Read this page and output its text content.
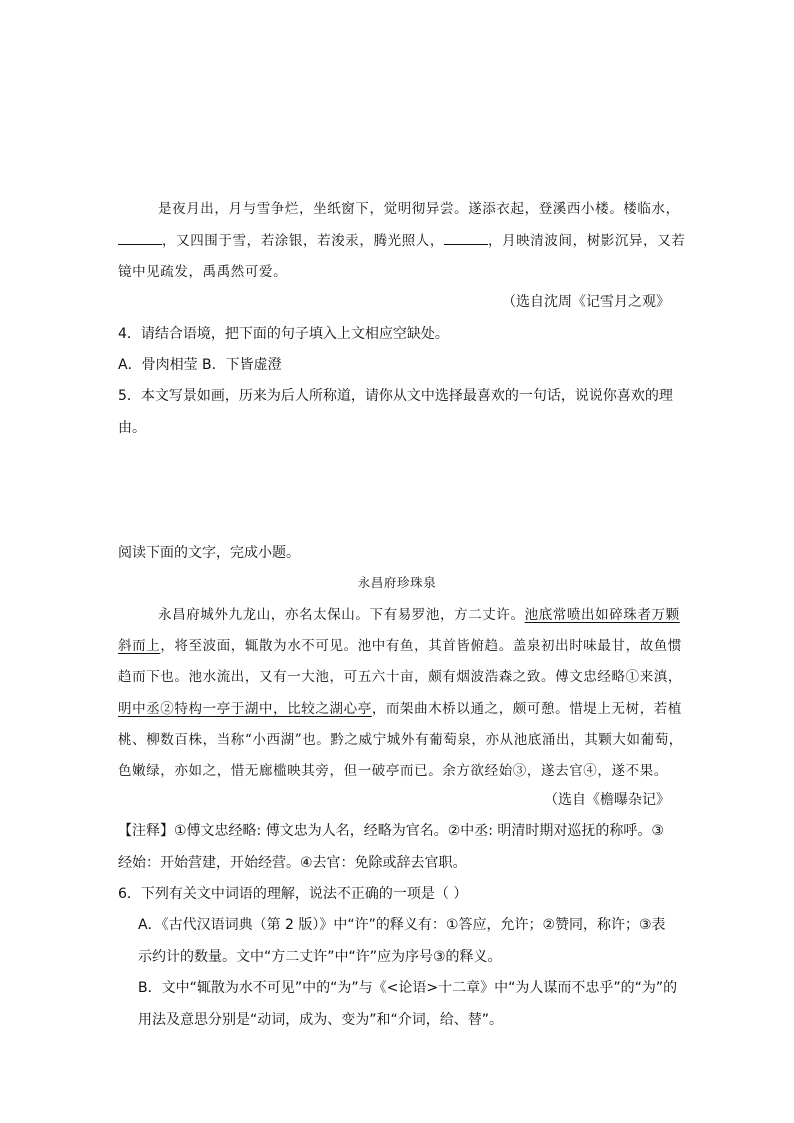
是夜月出，月与雪争烂，坐纸窗下，觉明彻异尝。遂添衣起，登溪西小楼。楼临水，
，又四围于雪，若涂银，若浚汞，腾光照人，	，月映清波间，树影沉异，又若
镜中见疏发，禹禹然可爱。
（选自沈周《记雪月之观》
4．请结合语境，把下面的句子填入上文相应空缺处。
A．骨肉相莹 B．下皆虚澄
5．本文写景如画，历来为后人所称道，请你从文中选择最喜欢的一句话，说说你喜欢的理
由。
阅读下面的文字，完成小题。
永昌府珍珠泉
永昌府城外九龙山，亦名太保山。下有易罗池，方二丈许。池底常喷出如碎珠者万颗
斜而上，将至波面，辄散为水不可见。池中有鱼，其首皆俯趋。盖泉初出时味最甘，故鱼惯
趋而下也。池水流出，又有一大池，可五六十亩，颇有烟波浩森之致。傅文忠经略①来滇，
明中丞②特构一亭于湖中，比较之湖心亭，而架曲木桥以通之，颇可憩。惜堤上无树，若植
桃、柳数百株，当称“小西湖”也。黔之威宁城外有葡萄泉，亦从池底涌出，其颗大如葡萄，
色嫩绿，亦如之，惜无廊槛映其旁，但一破亭而已。余方欲经始③，遂去官④，遂不果。
（选自《檐曝杂记》
【注释】①傅文忠经略: 傅文忠为人名，经略为官名。②中丞: 明清时期对巡抚的称呼。③
经始：开始营建，开始经营。④去官：免除或辞去官职。
6．下列有关文中词语的理解，说法不正确的一项是（ ）
A．《古代汉语词典（第 2 版）》中“许”的释义有：①答应，允许；②赞同，称许；③表
示约计的数量。文中“方二丈许”中“许”应为序号③的释义。
B．文中“辄散为水不可见”中的“为”与《<论语>十二章》中“为人谋而不忠乎”的“为”的
用法及意思分别是“动词，成为、变为”和“介词，给、替”。
